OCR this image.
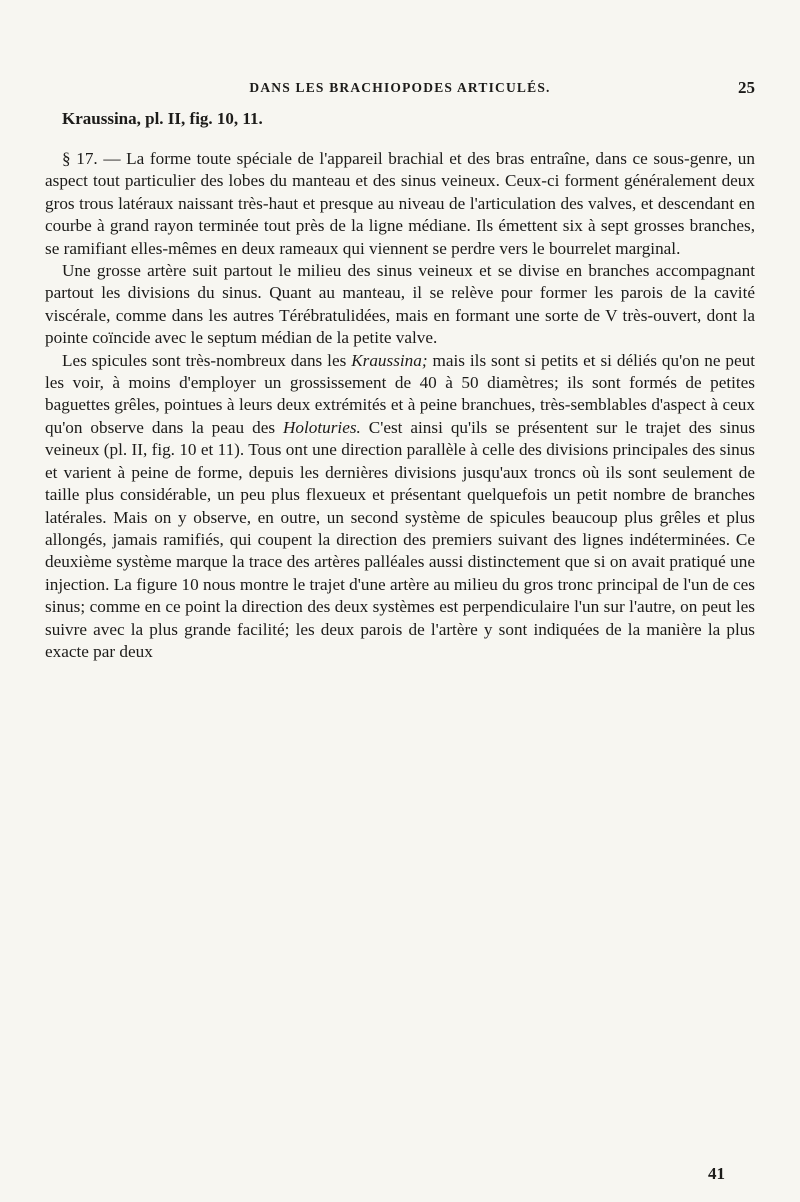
DANS LES BRACHIOPODES ARTICULÉS.	25
Kraussina, pl. II, fig. 10, 11.

§ 17. — La forme toute spéciale de l'appareil brachial et des bras entraîne, dans ce sous-genre, un aspect tout particulier des lobes du manteau et des sinus veineux. Ceux-ci forment généralement deux gros trous latéraux naissant très-haut et presque au niveau de l'articulation des valves, et descendant en courbe à grand rayon terminée tout près de la ligne médiane. Ils émettent six à sept grosses branches, se ramifiant elles-mêmes en deux rameaux qui viennent se perdre vers le bourrelet marginal.

Une grosse artère suit partout le milieu des sinus veineux et se divise en branches accompagnant partout les divisions du sinus. Quant au manteau, il se relève pour former les parois de la cavité viscérale, comme dans les autres Térébratulidées, mais en formant une sorte de V très-ouvert, dont la pointe coïncide avec le septum médian de la petite valve.

Les spicules sont très-nombreux dans les Kraussina; mais ils sont si petits et si déliés qu'on ne peut les voir, à moins d'employer un grossissement de 40 à 50 diamètres; ils sont formés de petites baguettes grêles, pointues à leurs deux extrémités et à peine branchues, très-semblables d'aspect à ceux qu'on observe dans la peau des Holoturies. C'est ainsi qu'ils se présentent sur le trajet des sinus veineux (pl. II, fig. 10 et 11). Tous ont une direction parallèle à celle des divisions principales des sinus et varient à peine de forme, depuis les dernières divisions jusqu'aux troncs où ils sont seulement de taille plus considérable, un peu plus flexueux et présentant quelquefois un petit nombre de branches latérales. Mais on y observe, en outre, un second système de spicules beaucoup plus grêles et plus allongés, jamais ramifiés, qui coupent la direction des premiers suivant des lignes indéterminées. Ce deuxième système marque la trace des artères palléales aussi distinctement que si on avait pratiqué une injection. La figure 10 nous montre le trajet d'une artère au milieu du gros tronc principal de l'un de ces sinus; comme en ce point la direction des deux systèmes est perpendiculaire l'un sur l'autre, on peut les suivre avec la plus grande facilité; les deux parois de l'artère y sont indiquées de la manière la plus exacte par deux

41
